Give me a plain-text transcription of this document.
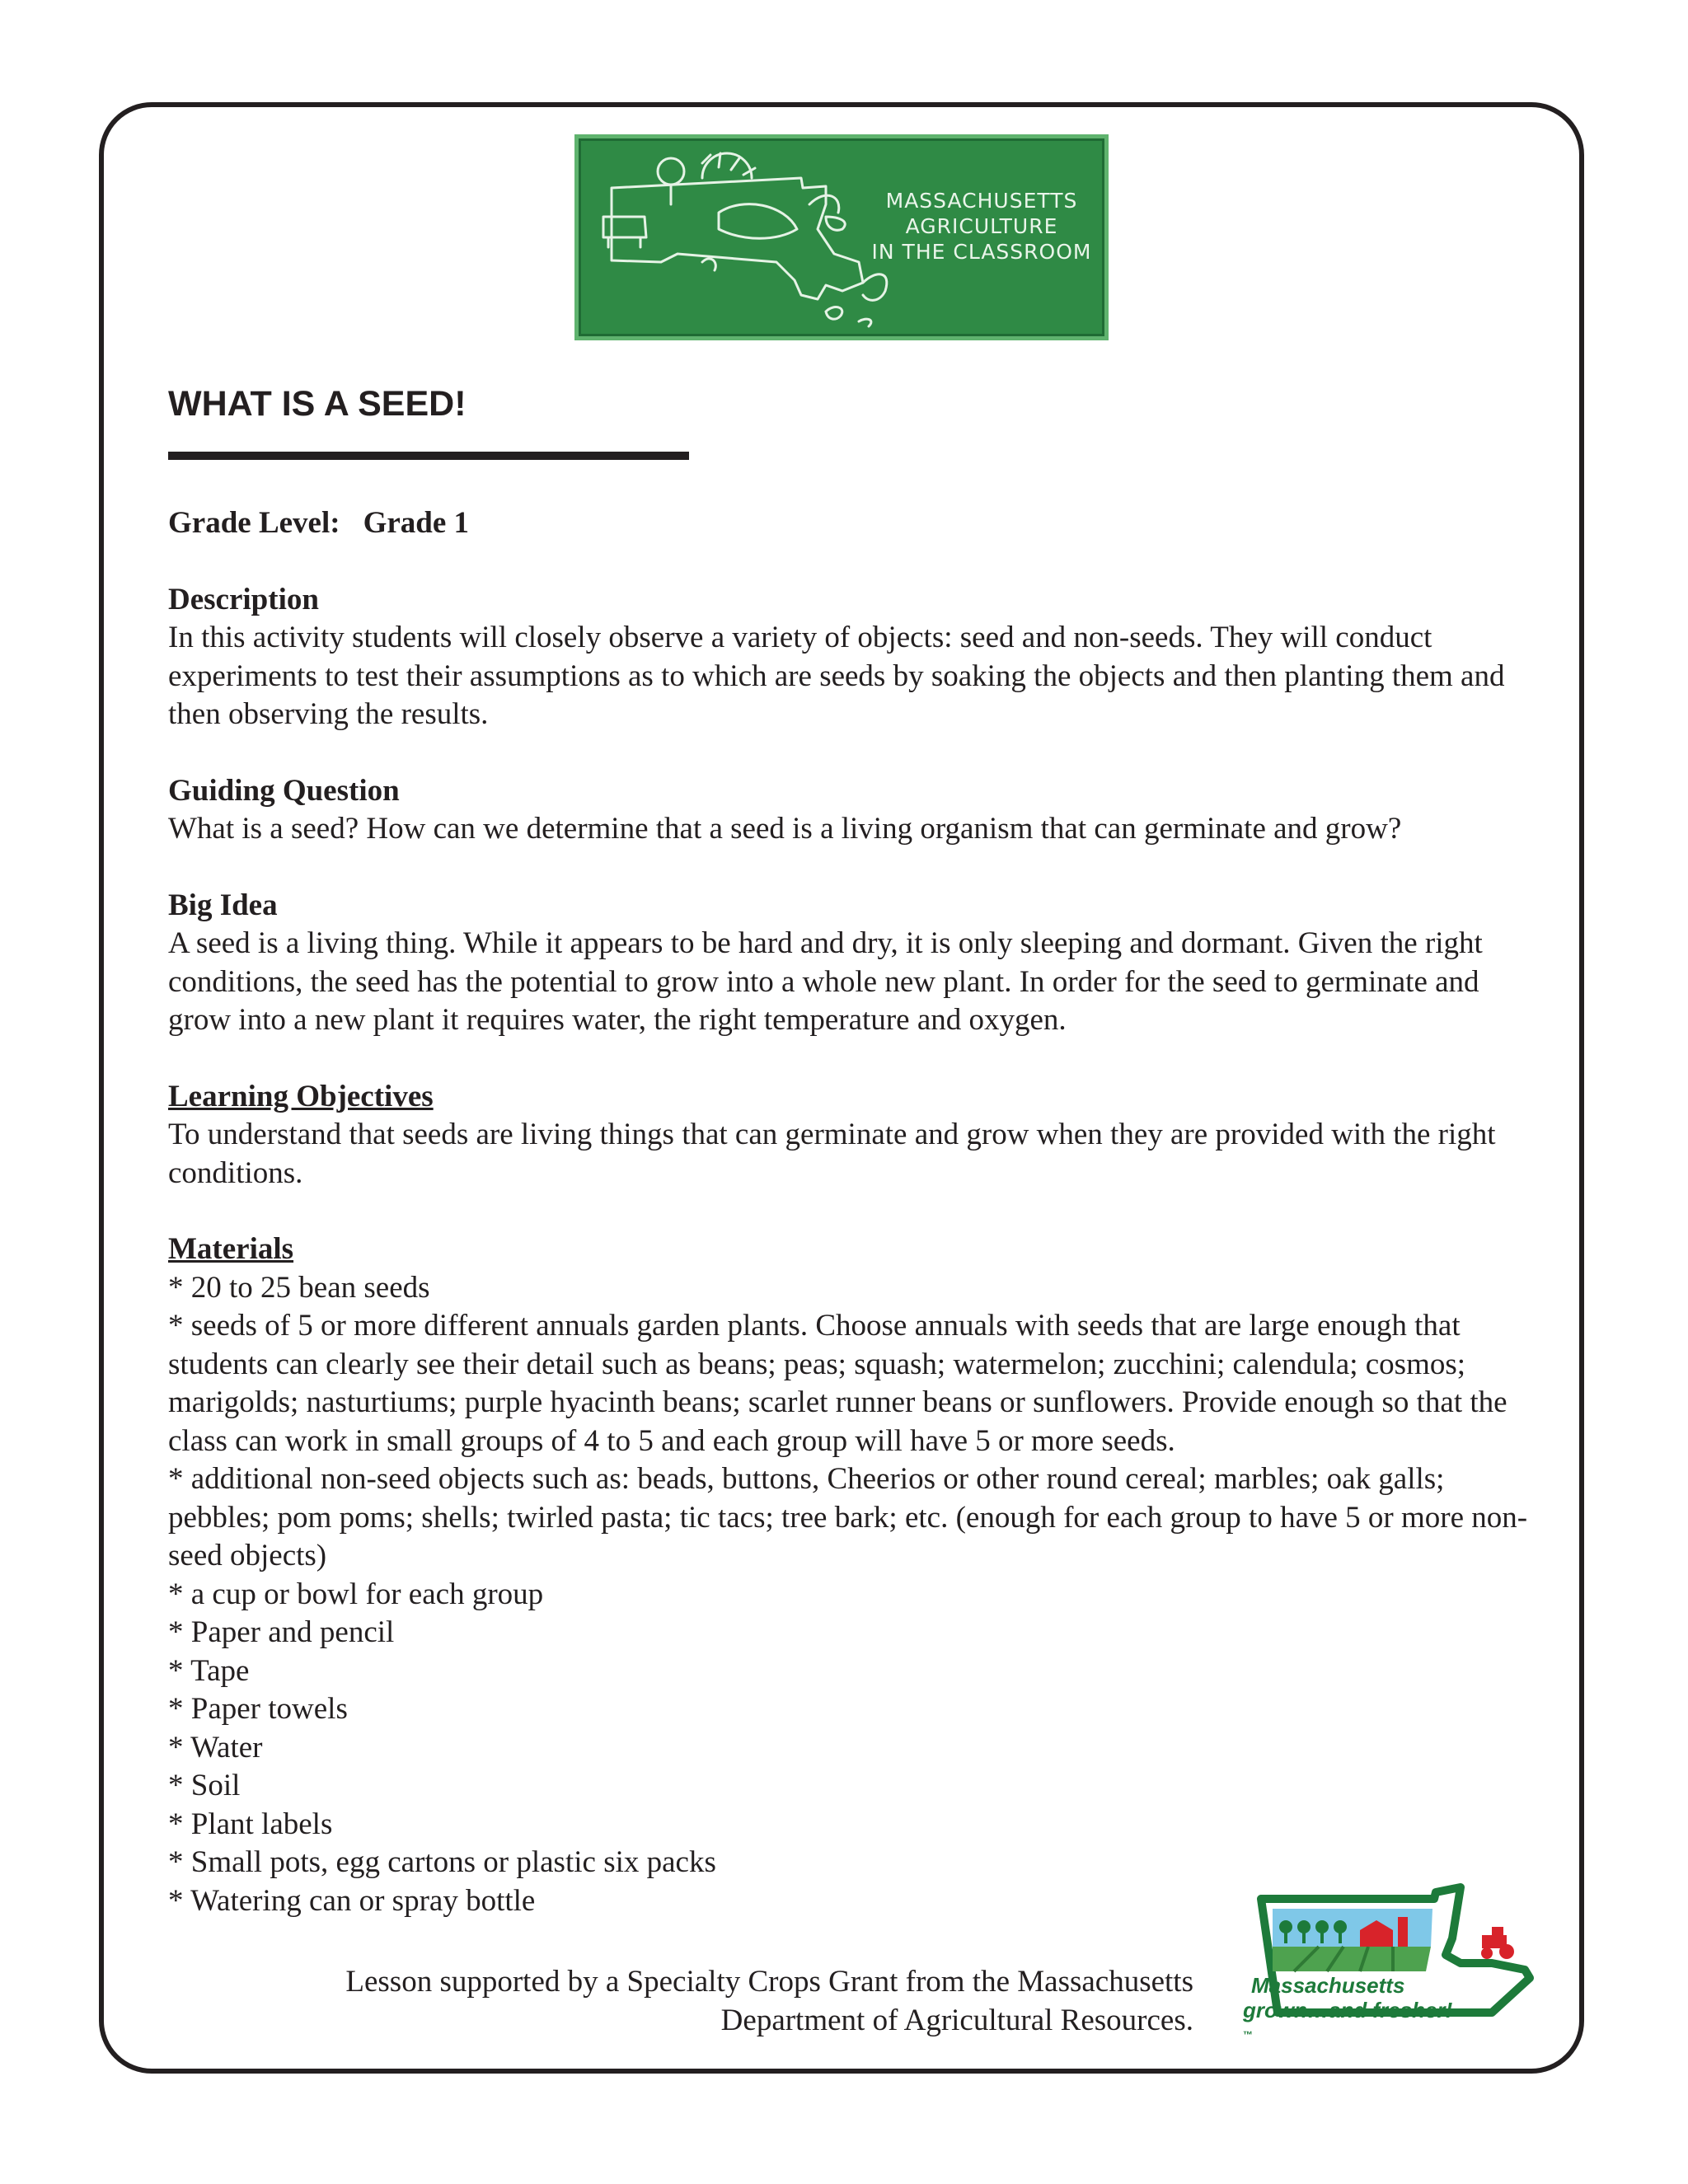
MASSACHUSETTS
AGRICULTURE
IN THE CLASSROOM
WHAT IS A SEED!

Grade Level: Grade 1

Description

In this activity students will closely observe a variety of objects: seed and non-seeds. They will conduct experiments to test their assumptions as to which are seeds by soaking the objects and then planting them and then observing the results.

Guiding Question

What is a seed? How can we determine that a seed is a living organism that can germinate and grow?

Big Idea

A seed is a living thing. While it appears to be hard and dry, it is only sleeping and dormant. Given the right conditions, the seed has the potential to grow into a whole new plant. In order for the seed to germinate and grow into a new plant it requires water, the right temperature and oxygen.

Learning Objectives

To understand that seeds are living things that can germinate and grow when they are provided with the right conditions.

Materials
* 20 to 25 bean seeds
* seeds of 5 or more different annuals garden plants. Choose annuals with seeds that are large enough that students can clearly see their detail such as beans; peas; squash; watermelon; zucchini; calendula; cosmos; marigolds; nasturtiums; purple hyacinth beans; scarlet runner beans or sunflowers. Provide enough so that the class can work in small groups of 4 to 5 and each group will have 5 or more seeds.
* additional non-seed objects such as: beads, buttons, Cheerios or other round cereal; marbles; oak galls; pebbles; pom poms; shells; twirled pasta; tic tacs; tree bark; etc. (enough for each group to have 5 or more non-seed objects)
* a cup or bowl for each group
* Paper and pencil
* Tape
* Paper towels
* Water
* Soil
* Plant labels
* Small pots, egg cartons or plastic six packs
* Watering can or spray bottle
Lesson supported by a Specialty Crops Grant from the Massachusetts
Department of Agricultural Resources.
Massachusetts
grown…and fresher!
™
